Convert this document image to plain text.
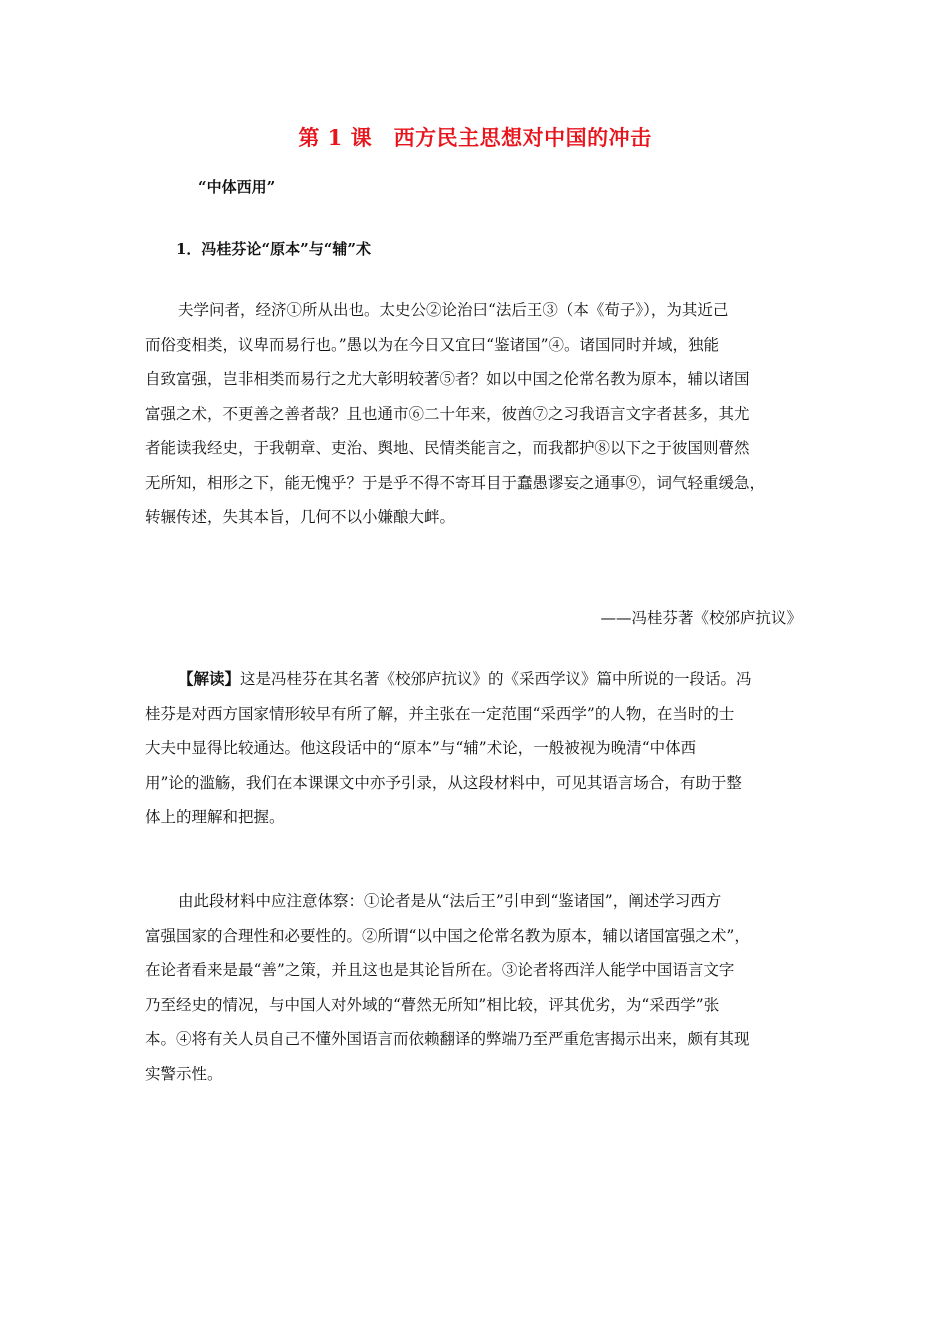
第 1 课　西方民主思想对中国的冲击
“中体西用”
1．冯桂芬论“原本”与“辅”术
夫学问者，经济①所从出也。太史公②论治曰“法后王③（本《荀子》），为其近己
而俗变相类，议卑而易行也。”愚以为在今日又宜曰“鉴诸国”④。诸国同时并域，独能
自致富强，岂非相类而易行之尤大彰明较著⑤者？如以中国之伦常名教为原本，辅以诸国
富强之术，不更善之善者哉？且也通市⑥二十年来，彼酋⑦之习我语言文字者甚多，其尤
者能读我经史，于我朝章、吏治、舆地、民情类能言之，而我都护⑧以下之于彼国则瞢然
无所知，相形之下，能无愧乎？于是乎不得不寄耳目于蠢愚谬妄之通事⑨，词气轻重缓急，
转辗传述，失其本旨，几何不以小嫌酿大衅。
——冯桂芬著《校邠庐抗议》
【解读】这是冯桂芬在其名著《校邠庐抗议》的《采西学议》篇中所说的一段话。冯
桂芬是对西方国家情形较早有所了解，并主张在一定范围“采西学”的人物，在当时的士
大夫中显得比较通达。他这段话中的“原本”与“辅”术论，一般被视为晚清“中体西
用”论的滥觞，我们在本课课文中亦予引录，从这段材料中，可见其语言场合，有助于整
体上的理解和把握。
由此段材料中应注意体察：①论者是从“法后王”引申到“鉴诸国”，阐述学习西方
富强国家的合理性和必要性的。②所谓“以中国之伦常名教为原本，辅以诸国富强之术”，
在论者看来是最“善”之策，并且这也是其论旨所在。③论者将西洋人能学中国语言文字
乃至经史的情况，与中国人对外域的“瞢然无所知”相比较，评其优劣，为“采西学”张
本。④将有关人员自己不懂外国语言而依赖翻译的弊端乃至严重危害揭示出来，颇有其现
实警示性。
